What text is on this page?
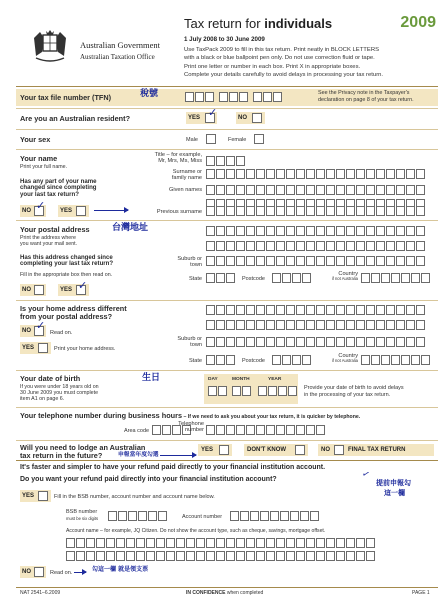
Australian Government
Australian Taxation Office
Tax return for individuals	2009
1 July 2008 to 30 June 2009
Use TaxPack 2009 to fill in this tax return. Print neatly in BLOCK LETTERS
with a black or blue ballpoint pen only. Do not use correction fluid or tape.
Print one letter or number in each box. Print X in appropriate boxes.
Complete your details carefully to avoid delays in processing your tax return.
Your tax file number (TFN)	稅號	See the Privacy note in the Taxpayer's
declaration on page 8 of your tax return.
Are you an Australian resident?	YES ✓	NO
Your sex	Male	Female
Your name
Print your full name.
Has any part of your name
changed since completing
your last tax return?
NO ✓ YES
Title – for example,
Mr, Mrs, Ms, Miss
Surname or
family name
Given names
Previous surname
Your postal address 台灣地址
Print the address where
you want your mail sent.
Has this address changed since
completing your last tax return?
Fill in the appropriate box then read on.
NO	YES ✓
Suburb or
town
State	Postcode
Country
if not Australia
Is your home address different
from your postal address?
NO ✓
Read on.
YES	Print your home address.
Suburb or
town
State	Postcode
Country
if not Australia
Your date of birth	生日
If you were under 18 years old on
30 June 2009 you must complete
item A1 on page 6.
DAY	MONTH	YEAR
Provide your date of birth to avoid delays
in the processing of your tax return.
Your telephone number during business hours – If we need to ask you about your tax return, it is quicker by telephone.
Area code
Telephone
number
Will you need to lodge an Australian
tax return in the future?	申報當年度勾選
YES	DON'T KNOW	NO	FINAL TAX RETURN
It's faster and simpler to have your refund paid directly to your financial institution account.
Do you want your refund paid directly into your financial institution account?	提前申報勾
這一欄
✓
YES	Fill in the BSB number, account number and account name below.
BSB number
must be six digits	Account number
Account name – for example, JQ Citizen. Do not show the account type, such as cheque, savings, mortgage offset.
NO	Read on.	勾這一欄 就是領支票
NAT 2541–6.2009	IN CONFIDENCE when completed	PAGE 1
